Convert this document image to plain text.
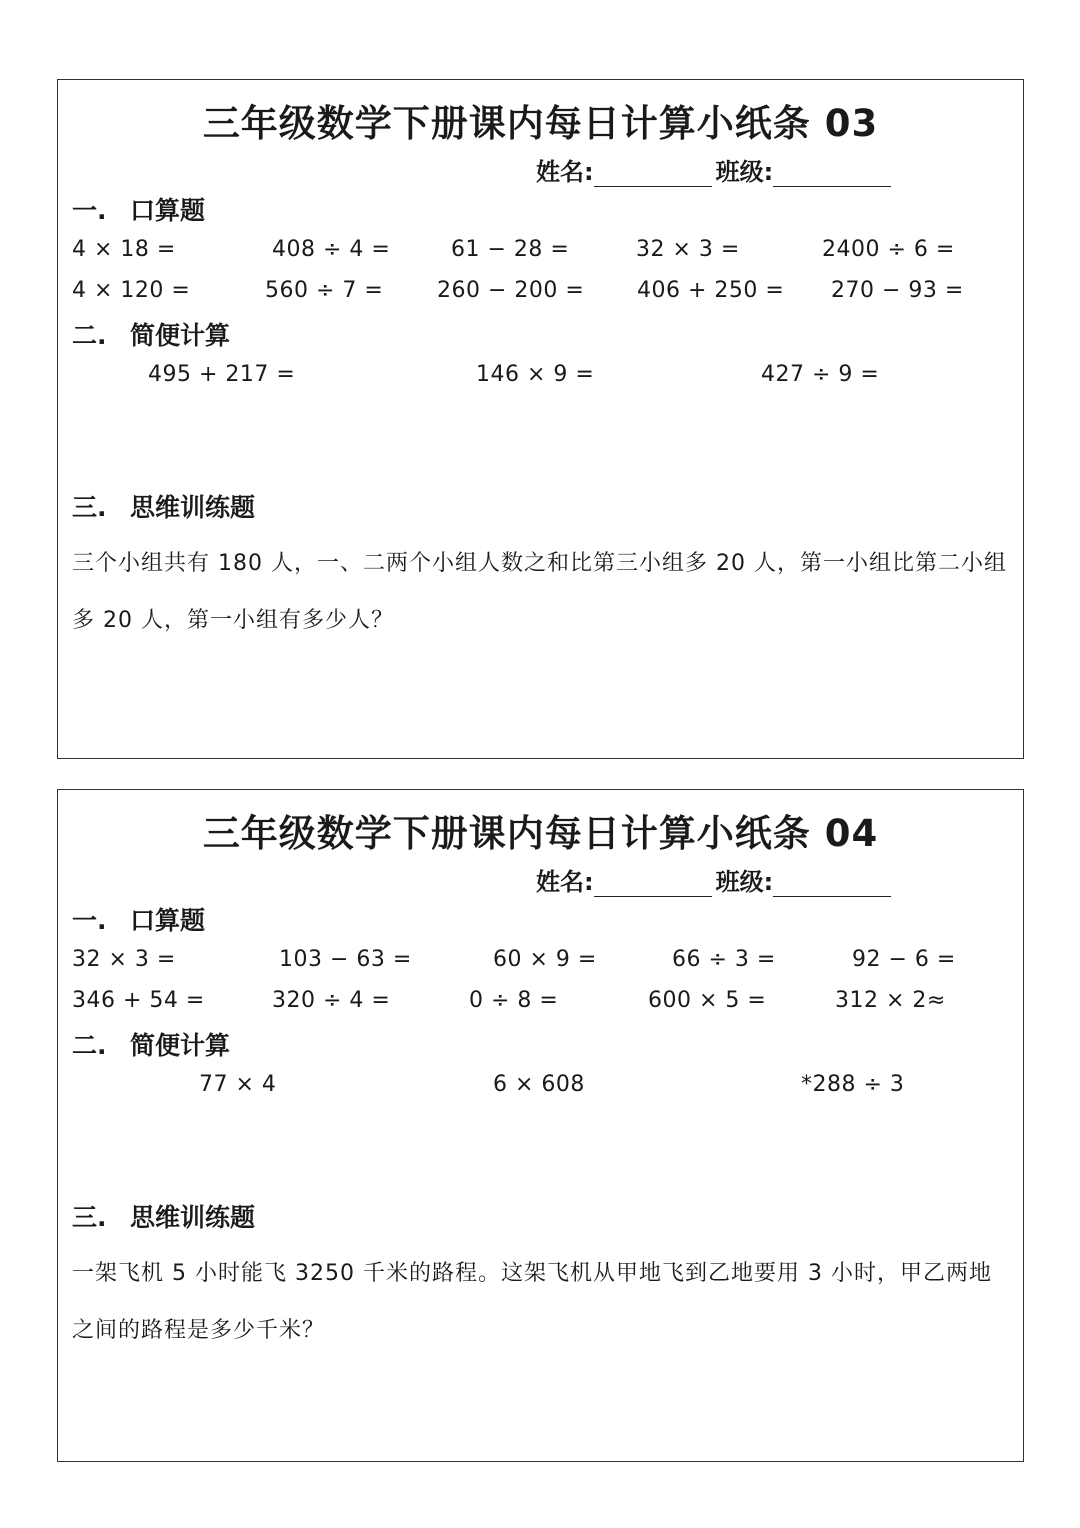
三年级数学下册课内每日计算小纸条 03
姓名:	班级:
一. 口算题
4 × 18 =	408 ÷ 4 =	61 − 28 =	32 × 3 =	2400 ÷ 6 =
4 × 120 =	560 ÷ 7 = 260 − 200 = 406 + 250 = 270 − 93 =
二. 简便计算
495 + 217 =	146 × 9 =	427 ÷ 9 =
三. 思维训练题
三个小组共有 180 人，一、二两个小组人数之和比第三小组多 20 人，第一小组比第二小组多 20 人，第一小组有多少人？
三年级数学下册课内每日计算小纸条 04
姓名:	班级:
一. 口算题
32 × 3 =	103 − 63 =	60 × 9 =	66 ÷ 3 =	92 − 6 =
346 + 54 =	320 ÷ 4 =	0 ÷ 8 =	600 × 5 =	312 × 2≈
二. 简便计算
77 × 4	6 × 608	*288 ÷ 3
三. 思维训练题
一架飞机 5 小时能飞 3250 千米的路程。这架飞机从甲地飞到乙地要用 3 小时，甲乙两地之间的路程是多少千米？
